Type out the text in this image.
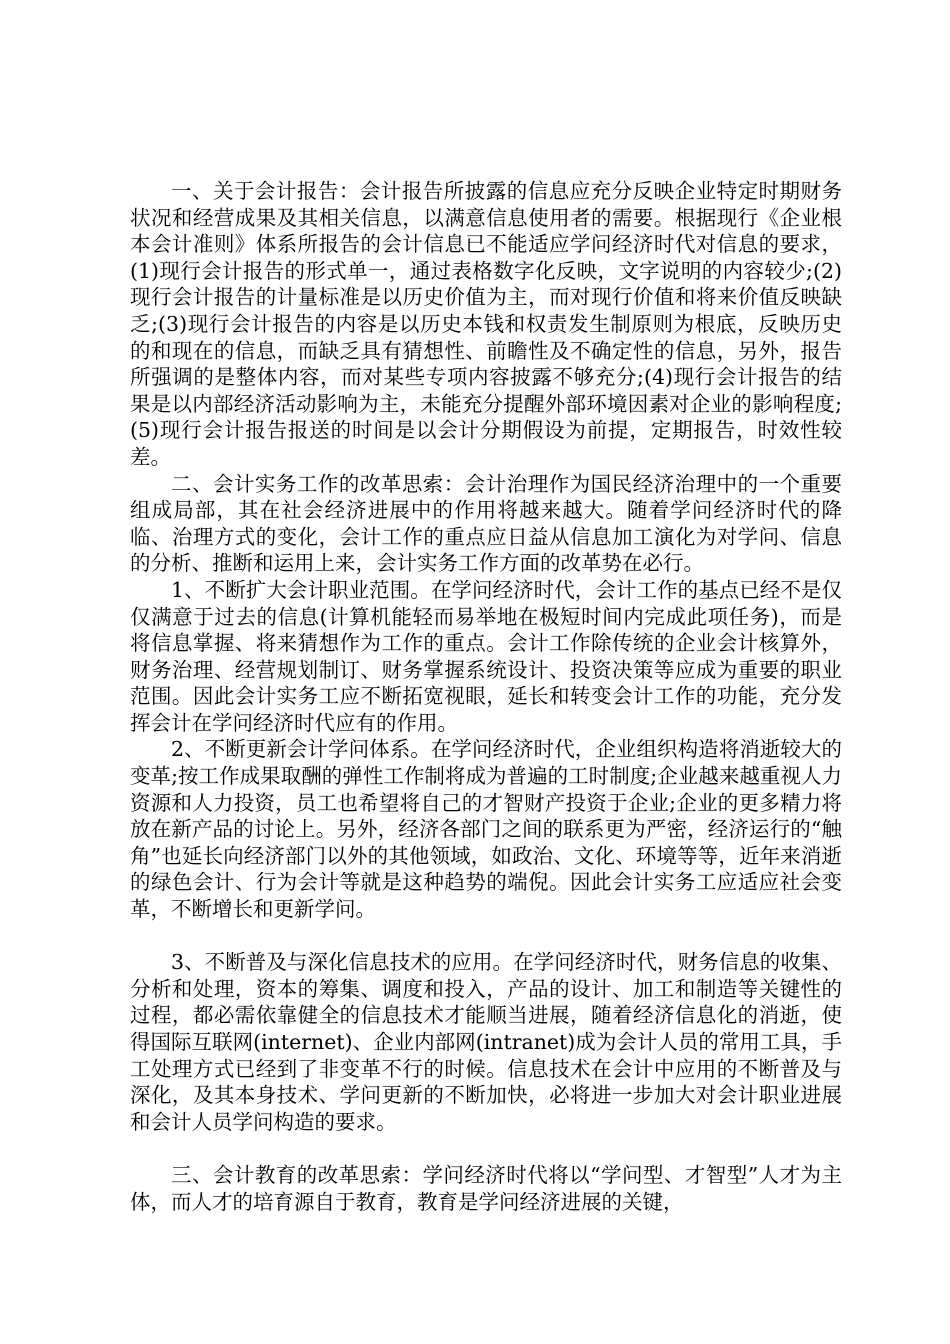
一、关于会计报告：会计报告所披露的信息应充分反映企业特定时期财务状况和经营成果及其相关信息，以满意信息使用者的需要。根据现行《企业根本会计准则》体系所报告的会计信息已不能适应学问经济时代对信息的要求，(1)现行会计报告的形式单一，通过表格数字化反映，文字说明的内容较少;(2)现行会计报告的计量标准是以历史价值为主，而对现行价值和将来价值反映缺乏;(3)现行会计报告的内容是以历史本钱和权责发生制原则为根底，反映历史的和现在的信息，而缺乏具有猜想性、前瞻性及不确定性的信息，另外，报告所强调的是整体内容，而对某些专项内容披露不够充分;(4)现行会计报告的结果是以内部经济活动影响为主，未能充分提醒外部环境因素对企业的影响程度;(5)现行会计报告报送的时间是以会计分期假设为前提，定期报告，时效性较差。

二、会计实务工作的改革思索：会计治理作为国民经济治理中的一个重要组成局部，其在社会经济进展中的作用将越来越大。随着学问经济时代的降临、治理方式的变化，会计工作的重点应日益从信息加工演化为对学问、信息的分析、推断和运用上来，会计实务工作方面的改革势在必行。

1、不断扩大会计职业范围。在学问经济时代，会计工作的基点已经不是仅仅满意于过去的信息(计算机能轻而易举地在极短时间内完成此项任务)，而是将信息掌握、将来猜想作为工作的重点。会计工作除传统的企业会计核算外，财务治理、经营规划制订、财务掌握系统设计、投资决策等应成为重要的职业范围。因此会计实务工应不断拓宽视眼，延长和转变会计工作的功能，充分发挥会计在学问经济时代应有的作用。

2、不断更新会计学问体系。在学问经济时代，企业组织构造将消逝较大的变革;按工作成果取酬的弹性工作制将成为普遍的工时制度;企业越来越重视人力资源和人力投资，员工也希望将自己的才智财产投资于企业;企业的更多精力将放在新产品的讨论上。另外，经济各部门之间的联系更为严密，经济运行的“触角”也延长向经济部门以外的其他领域，如政治、文化、环境等等，近年来消逝的绿色会计、行为会计等就是这种趋势的端倪。因此会计实务工应适应社会变革，不断增长和更新学问。

3、不断普及与深化信息技术的应用。在学问经济时代，财务信息的收集、分析和处理，资本的筹集、调度和投入，产品的设计、加工和制造等关键性的过程，都必需依靠健全的信息技术才能顺当进展，随着经济信息化的消逝，使得国际互联网(internet)、企业内部网(intranet)成为会计人员的常用工具，手工处理方式已经到了非变革不行的时候。信息技术在会计中应用的不断普及与深化，及其本身技术、学问更新的不断加快，必将进一步加大对会计职业进展和会计人员学问构造的要求。

三、会计教育的改革思索：学问经济时代将以“学问型、才智型”人才为主体，而人才的培育源自于教育，教育是学问经济进展的关键，
